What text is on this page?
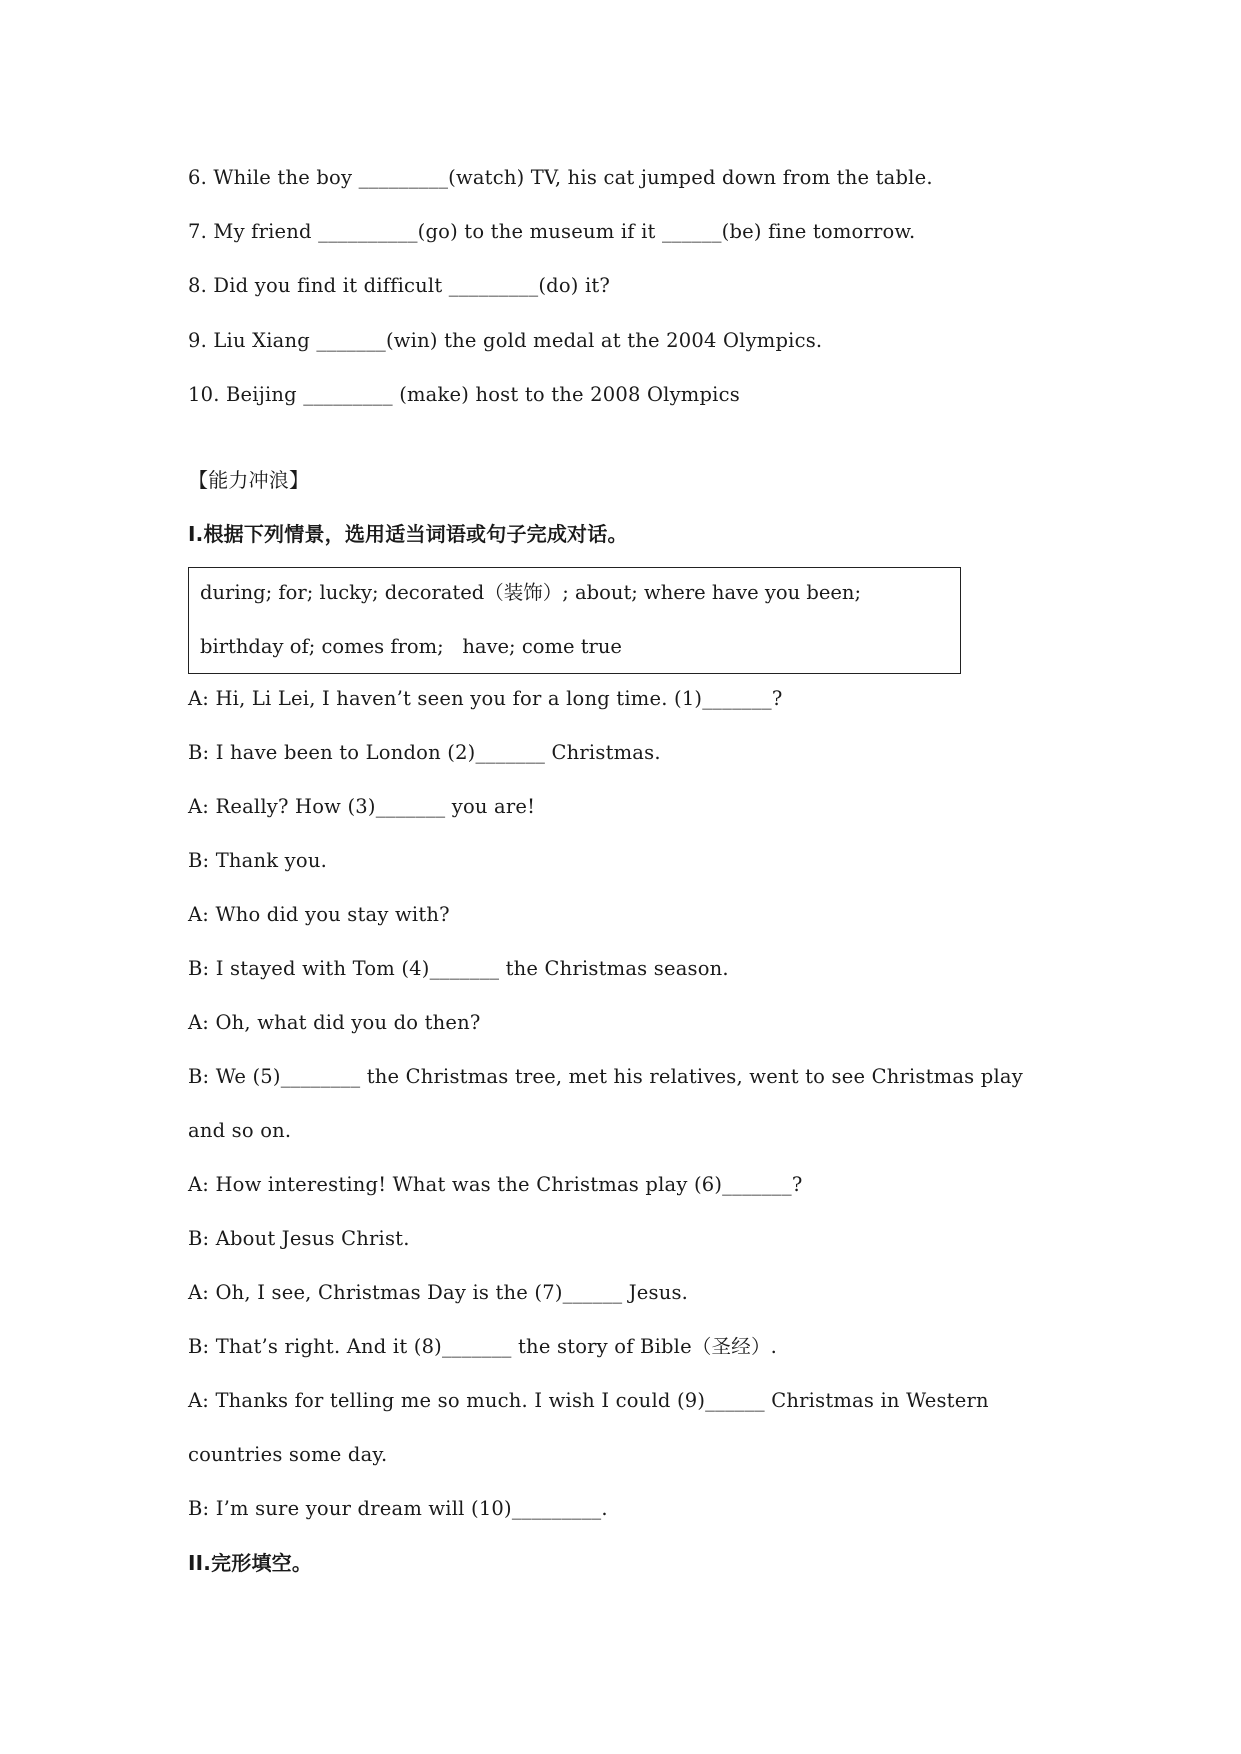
6. While the boy _________(watch) TV, his cat jumped down from the table.
7. My friend __________(go) to the museum if it ______(be) fine tomorrow.
8. Did you find it difficult _________(do) it?
9. Liu Xiang _______(win) the gold medal at the 2004 Olympics.
10. Beijing _________ (make) host to the 2008 Olympics
【能力冲浪】
I.根据下列情景，选用适当词语或句子完成对话。
during; for; lucky; decorated（装饰）; about; where have you been;
birthday of; comes from;   have; come true
A: Hi, Li Lei, I haven’t seen you for a long time. (1)_______?
B: I have been to London (2)_______ Christmas.
A: Really? How (3)_______ you are!
B: Thank you.
A: Who did you stay with?
B: I stayed with Tom (4)_______ the Christmas season.
A: Oh, what did you do then?
B: We (5)________ the Christmas tree, met his relatives, went to see Christmas play
and so on.
A: How interesting! What was the Christmas play (6)_______?
B: About Jesus Christ.
A: Oh, I see, Christmas Day is the (7)______ Jesus.
B: That’s right. And it (8)_______ the story of Bible（圣经）.
A: Thanks for telling me so much. I wish I could (9)______ Christmas in Western
countries some day.
B: I’m sure your dream will (10)_________.
II.完形填空。
